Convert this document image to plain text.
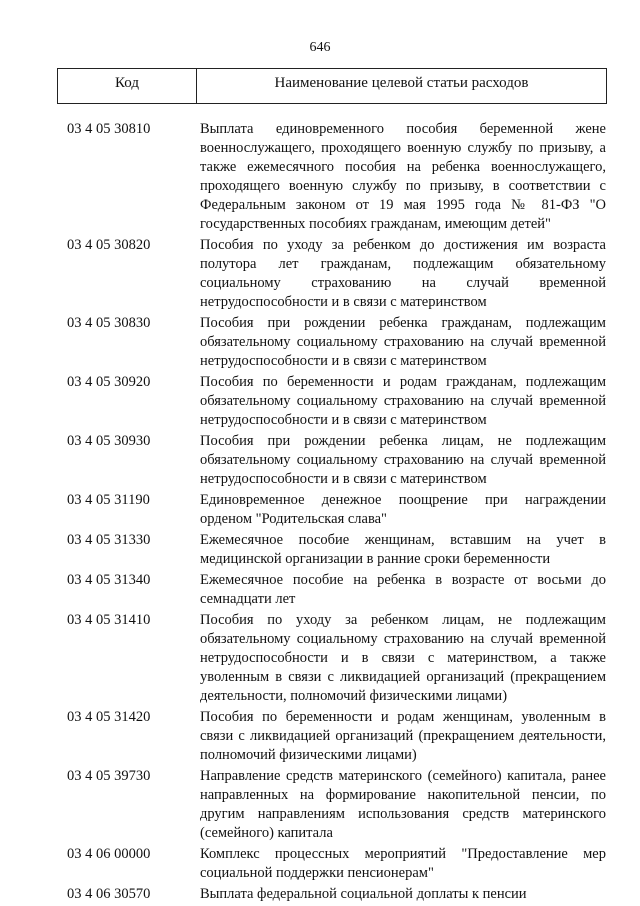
646
Код	Наименование целевой статьи расходов
03 4 05 30810	Выплата единовременного пособия беременной жене военнослужащего, проходящего военную службу по призыву, а также ежемесячного пособия на ребенка военнослужащего, проходящего военную службу по призыву, в соответствии с Федеральным законом от 19 мая 1995 года № 81-ФЗ "О государственных пособиях гражданам, имеющим детей"
03 4 05 30820	Пособия по уходу за ребенком до достижения им возраста полутора лет гражданам, подлежащим обязательному социальному страхованию на случай временной нетрудоспособности и в связи с материнством
03 4 05 30830	Пособия при рождении ребенка гражданам, подлежащим обязательному социальному страхованию на случай временной нетрудоспособности и в связи с материнством
03 4 05 30920	Пособия по беременности и родам гражданам, подлежащим обязательному социальному страхованию на случай временной нетрудоспособности и в связи с материнством
03 4 05 30930	Пособия при рождении ребенка лицам, не подлежащим обязательному социальному страхованию на случай временной нетрудоспособности и в связи с материнством
03 4 05 31190	Единовременное денежное поощрение при награждении орденом "Родительская слава"
03 4 05 31330	Ежемесячное пособие женщинам, вставшим на учет в медицинской организации в ранние сроки беременности
03 4 05 31340	Ежемесячное пособие на ребенка в возрасте от восьми до семнадцати лет
03 4 05 31410	Пособия по уходу за ребенком лицам, не подлежащим обязательному социальному страхованию на случай временной нетрудоспособности и в связи с материнством, а также уволенным в связи с ликвидацией организаций (прекращением деятельности, полномочий физическими лицами)
03 4 05 31420	Пособия по беременности и родам женщинам, уволенным в связи с ликвидацией организаций (прекращением деятельности, полномочий физическими лицами)
03 4 05 39730	Направление средств материнского (семейного) капитала, ранее направленных на формирование накопительной пенсии, по другим направлениям использования средств материнского (семейного) капитала
03 4 06 00000	Комплекс процессных мероприятий "Предоставление мер социальной поддержки пенсионерам"
03 4 06 30570	Выплата федеральной социальной доплаты к пенсии
